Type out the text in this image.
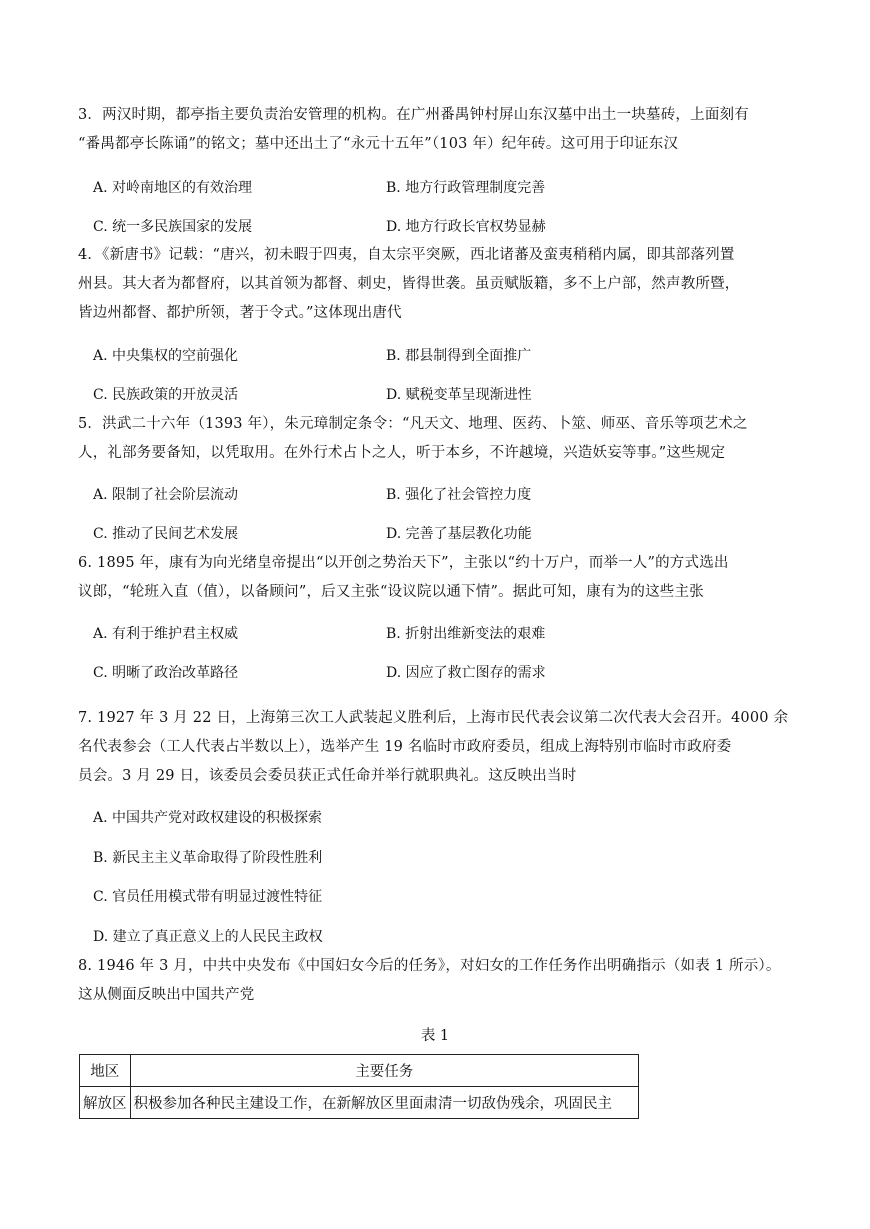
3．两汉时期，都亭指主要负责治安管理的机构。在广州番禺钟村屏山东汉墓中出土一块墓砖，上面刻有
“番禺都亭长陈诵”的铭文；墓中还出土了“永元十五年”（103 年）纪年砖。这可用于印证东汉
A. 对岭南地区的有效治理	B. 地方行政管理制度完善
C. 统一多民族国家的发展	D. 地方行政长官权势显赫
4．《新唐书》记载：“唐兴，初未暇于四夷，自太宗平突厥，西北诸蕃及蛮夷稍稍内属，即其部落列置
州县。其大者为都督府，以其首领为都督、刺史，皆得世袭。虽贡赋版籍，多不上户部，然声教所暨，
皆边州都督、都护所领，著于令式。”这体现出唐代
A. 中央集权的空前强化	B. 郡县制得到全面推广
C. 民族政策的开放灵活	D. 赋税变革呈现渐进性
5．洪武二十六年（1393 年），朱元璋制定条令：“凡天文、地理、医药、卜筮、师巫、音乐等项艺术之
人，礼部务要备知，以凭取用。在外行术占卜之人，听于本乡，不许越境，兴造妖妄等事。”这些规定
A. 限制了社会阶层流动	B. 强化了社会管控力度
C. 推动了民间艺术发展	D. 完善了基层教化功能
6. 1895 年，康有为向光绪皇帝提出“以开创之势治天下”，主张以“约十万户，而举一人”的方式选出
议郎，“轮班入直（值），以备顾问”，后又主张“设议院以通下情”。据此可知，康有为的这些主张
A. 有利于维护君主权威	B. 折射出维新变法的艰难
C. 明晰了政治改革路径	D. 因应了救亡图存的需求
7. 1927 年 3 月 22 日，上海第三次工人武装起义胜利后，上海市民代表会议第二次代表大会召开。4000 余
名代表参会（工人代表占半数以上），选举产生 19 名临时市政府委员，组成上海特别市临时市政府委
员会。3 月 29 日，该委员会委员获正式任命并举行就职典礼。这反映出当时
A. 中国共产党对政权建设的积极探索
B. 新民主主义革命取得了阶段性胜利
C. 官员任用模式带有明显过渡性特征
D. 建立了真正意义上的人民民主政权
8. 1946 年 3 月，中共中央发布《中国妇女今后的任务》，对妇女的工作任务作出明确指示（如表 1 所示）。
这从侧面反映出中国共产党
表 1
地区	主要任务
解放区	积极参加各种民主建设工作，在新解放区里面肃清一切敌伪残余，巩固民主
